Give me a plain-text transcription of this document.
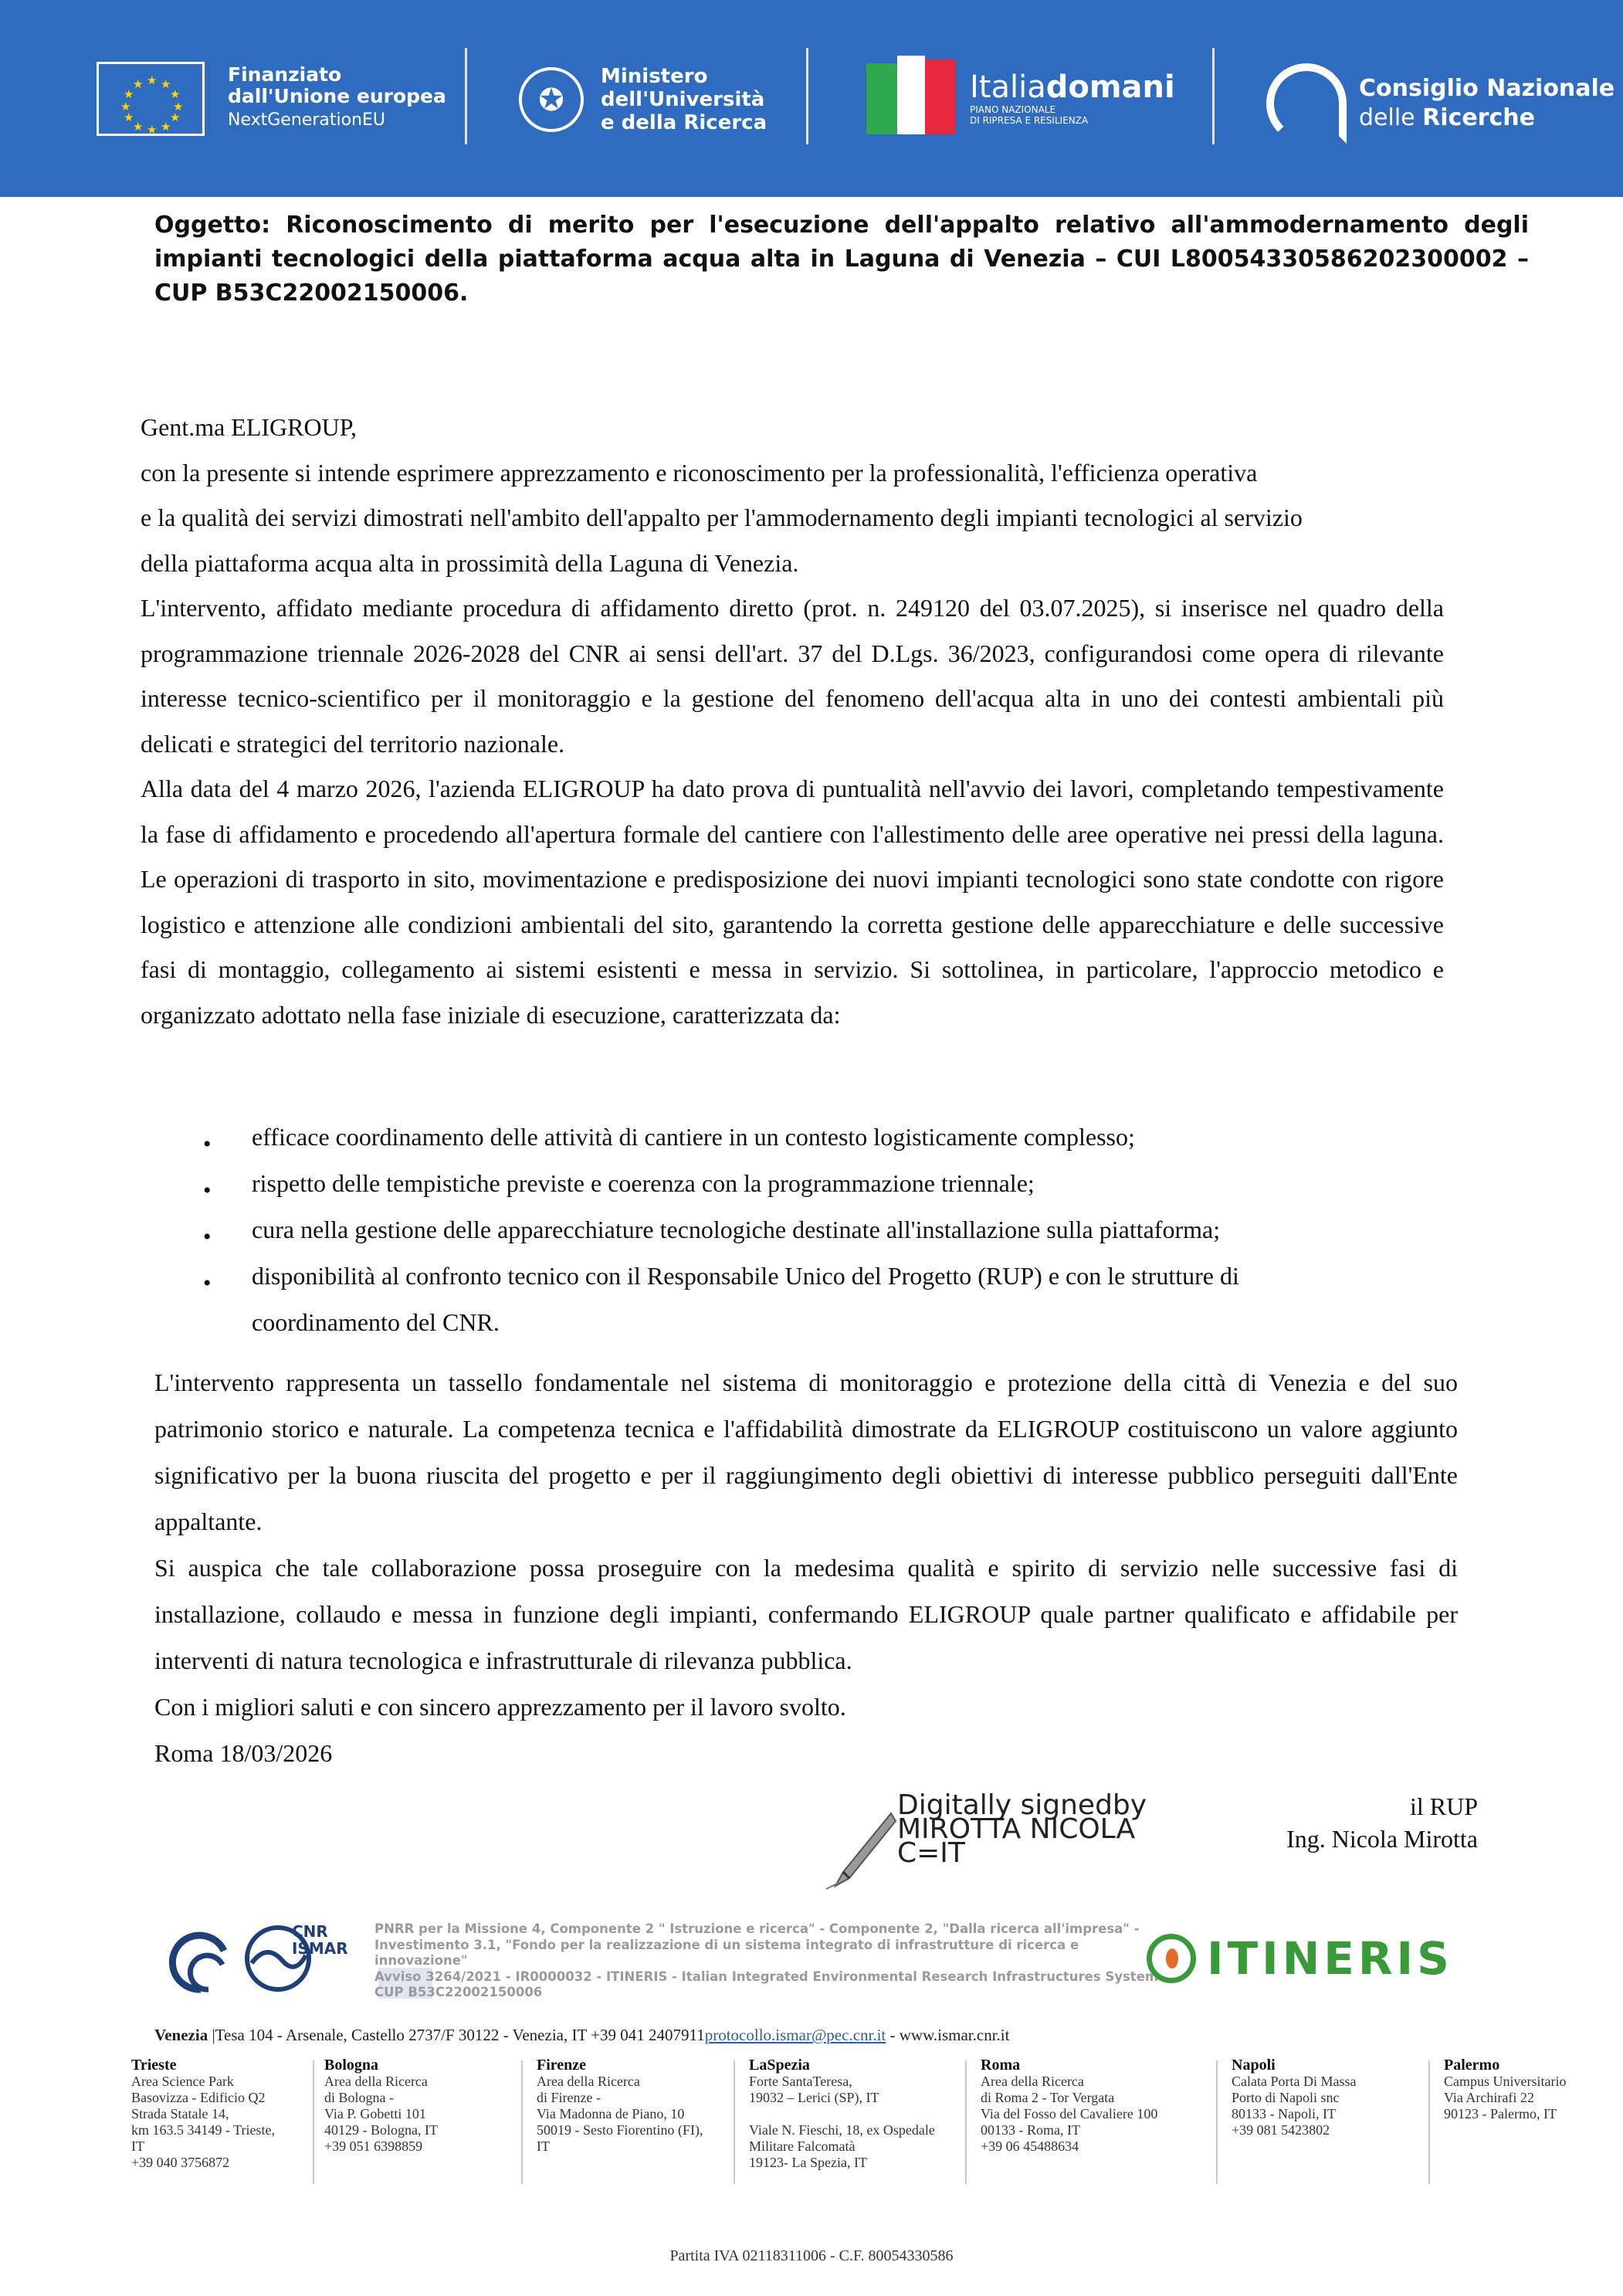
★ ★
★
★
★
★
★
★
★
★
★
★	Finanziato
dall'Unione europea
NextGenerationEU
✪
Ministero
dell'Università
e della Ricerca
Italiadomani
PIANO NAZIONALE
DI RIPRESA E RESILIENZA
Consiglio Nazionale
delle Ricerche

Oggetto: Riconoscimento di merito per l'esecuzione dell'appalto relativo all'ammodernamento degli impianti tecnologici della piattaforma acqua alta in Laguna di Venezia – CUI L80054330586202300002 – CUP B53C22002150006.

Gent.ma ELIGROUP,

con la presente si intende esprimere apprezzamento e riconoscimento per la professionalità, l'efficienza operativa

e la qualità dei servizi dimostrati nell'ambito dell'appalto per l'ammodernamento degli impianti tecnologici al servizio

della piattaforma acqua alta in prossimità della Laguna di Venezia.

L'intervento, affidato mediante procedura di affidamento diretto (prot. n. 249120 del 03.07.2025), si inserisce nel quadro della programmazione triennale 2026-2028 del CNR ai sensi dell'art. 37 del D.Lgs. 36/2023, configurandosi come opera di rilevante interesse tecnico-scientifico per il monitoraggio e la gestione del fenomeno dell'acqua alta in uno dei contesti ambientali più delicati e strategici del territorio nazionale.

Alla data del 4 marzo 2026, l'azienda ELIGROUP ha dato prova di puntualità nell'avvio dei lavori, completando tempestivamente la fase di affidamento e procedendo all'apertura formale del cantiere con l'allestimento delle aree operative nei pressi della laguna. Le operazioni di trasporto in sito, movimentazione e predisposizione dei nuovi impianti tecnologici sono state condotte con rigore logistico e attenzione alle condizioni ambientali del sito, garantendo la corretta gestione delle apparecchiature e delle successive fasi di montaggio, collegamento ai sistemi esistenti e messa in servizio. Si sottolinea, in particolare, l'approccio metodico e organizzato adottato nella fase iniziale di esecuzione, caratterizzata da:

• efficace coordinamento delle attività di cantiere in un contesto logisticamente complesso;
• rispetto delle tempistiche previste e coerenza con la programmazione triennale;
• cura nella gestione delle apparecchiature tecnologiche destinate all'installazione sulla piattaforma;
• disponibilità al confronto tecnico con il Responsabile Unico del Progetto (RUP) e con le strutture di coordinamento del CNR.

L'intervento rappresenta un tassello fondamentale nel sistema di monitoraggio e protezione della città di Venezia e del suo patrimonio storico e naturale. La competenza tecnica e l'affidabilità dimostrate da ELIGROUP costituiscono un valore aggiunto significativo per la buona riuscita del progetto e per il raggiungimento degli obiettivi di interesse pubblico perseguiti dall'Ente appaltante.

Si auspica che tale collaborazione possa proseguire con la medesima qualità e spirito di servizio nelle successive fasi di installazione, collaudo e messa in funzione degli impianti, confermando ELIGROUP quale partner qualificato e affidabile per interventi di natura tecnologica e infrastrutturale di rilevanza pubblica.

Con i migliori saluti e con sincero apprezzamento per il lavoro svolto.

Roma 18/03/2026

Digitally signedby
MIROTTA NICOLA
C=IT
il RUP
Ing. Nicola Mirotta
CNR
ISMAR
PNRR per la Missione 4, Componente 2 " Istruzione e ricerca" - Componente 2, "Dalla ricerca all'impresa" -
Investimento 3.1, "Fondo per la realizzazione di un sistema integrato di infrastrutture di ricerca e innovazione"
Avviso 3264/2021 - IR0000032 - ITINERIS - Italian Integrated Environmental Research Infrastructures System
CUP B53C22002150006
ITINERIS
Venezia |Tesa 104 - Arsenale, Castello 2737/F 30122 - Venezia, IT +39 041 2407911protocollo.ismar@pec.cnr.it - www.ismar.cnr.it
Trieste
Area Science Park
Basovizza - Edificio Q2
Strada Statale 14,
km 163.5 34149 - Trieste,
IT
+39 040 3756872
Bologna
Area della Ricerca
di Bologna -
Via P. Gobetti 101
40129 - Bologna, IT
+39 051 6398859
Firenze
Area della Ricerca
di Firenze -
Via Madonna de Piano, 10
50019 - Sesto Fiorentino (FI),
IT
LaSpezia
Forte SantaTeresa,
19032 – Lerici (SP), IT
Viale N. Fieschi, 18, ex Ospedale
Militare Falcomatà
19123- La Spezia, IT
Roma
Area della Ricerca
di Roma 2 - Tor Vergata
Via del Fosso del Cavaliere 100
00133 - Roma, IT
+39 06 45488634
Napoli
Calata Porta Di Massa
Porto di Napoli snc
80133 - Napoli, IT
+39 081 5423802
Palermo
Campus Universitario
Via Archirafi 22
90123 - Palermo, IT
Partita IVA 02118311006 - C.F. 80054330586
